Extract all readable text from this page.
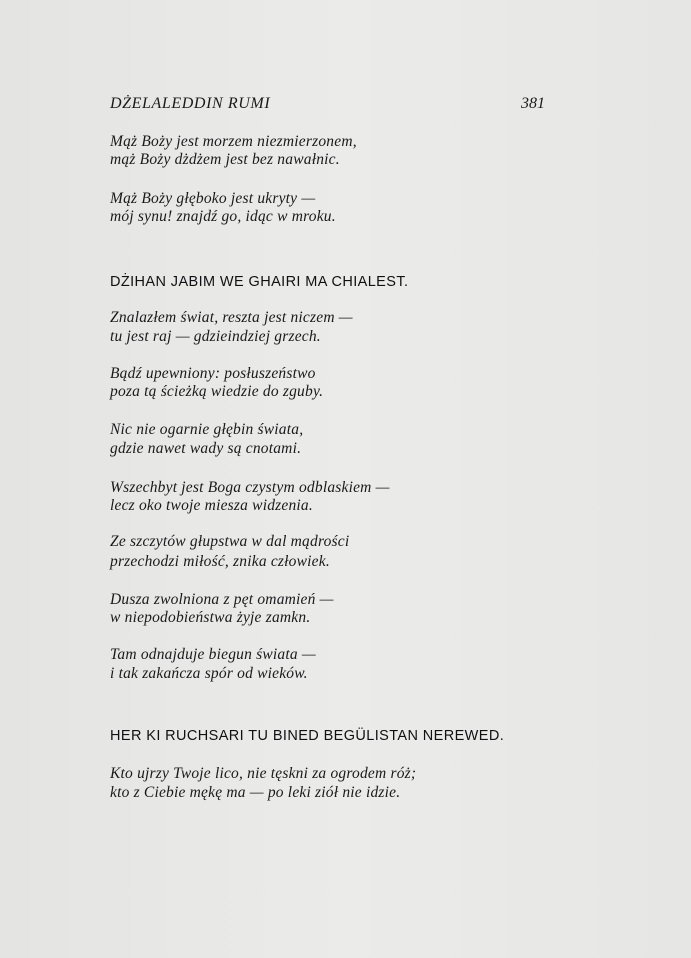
DŻELALEDDIN RUMI	381
Mąż Boży jest morzem niezmierzonem,
mąż Boży dżdżem jest bez nawałnic.
Mąż Boży głęboko jest ukryty —
mój synu! znajdź go, idąc w mroku.
DŻIHAN JABIM WE GHAIRI MA CHIALEST.
Znalazłem świat, reszta jest niczem —
tu jest raj — gdzieindziej grzech.
Bądź upewniony: posłuszeństwo
poza tą ścieżką wiedzie do zguby.
Nic nie ogarnie głębin świata,
gdzie nawet wady są cnotami.
Wszechbyt jest Boga czystym odblaskiem —
lecz oko twoje miesza widzenia.
Ze szczytów głupstwa w dal mądrości
przechodzi miłość, znika człowiek.
Dusza zwolniona z pęt omamień —
w niepodobieństwa żyje zamkn.
Tam odnajduje biegun świata —
i tak zakańcza spór od wieków.
HER KI RUCHSARI TU BINED BEGÜLISTAN NEREWED.
Kto ujrzy Twoje lico, nie tęskni za ogrodem róż;
kto z Ciebie mękę ma — po leki ziół nie idzie.
